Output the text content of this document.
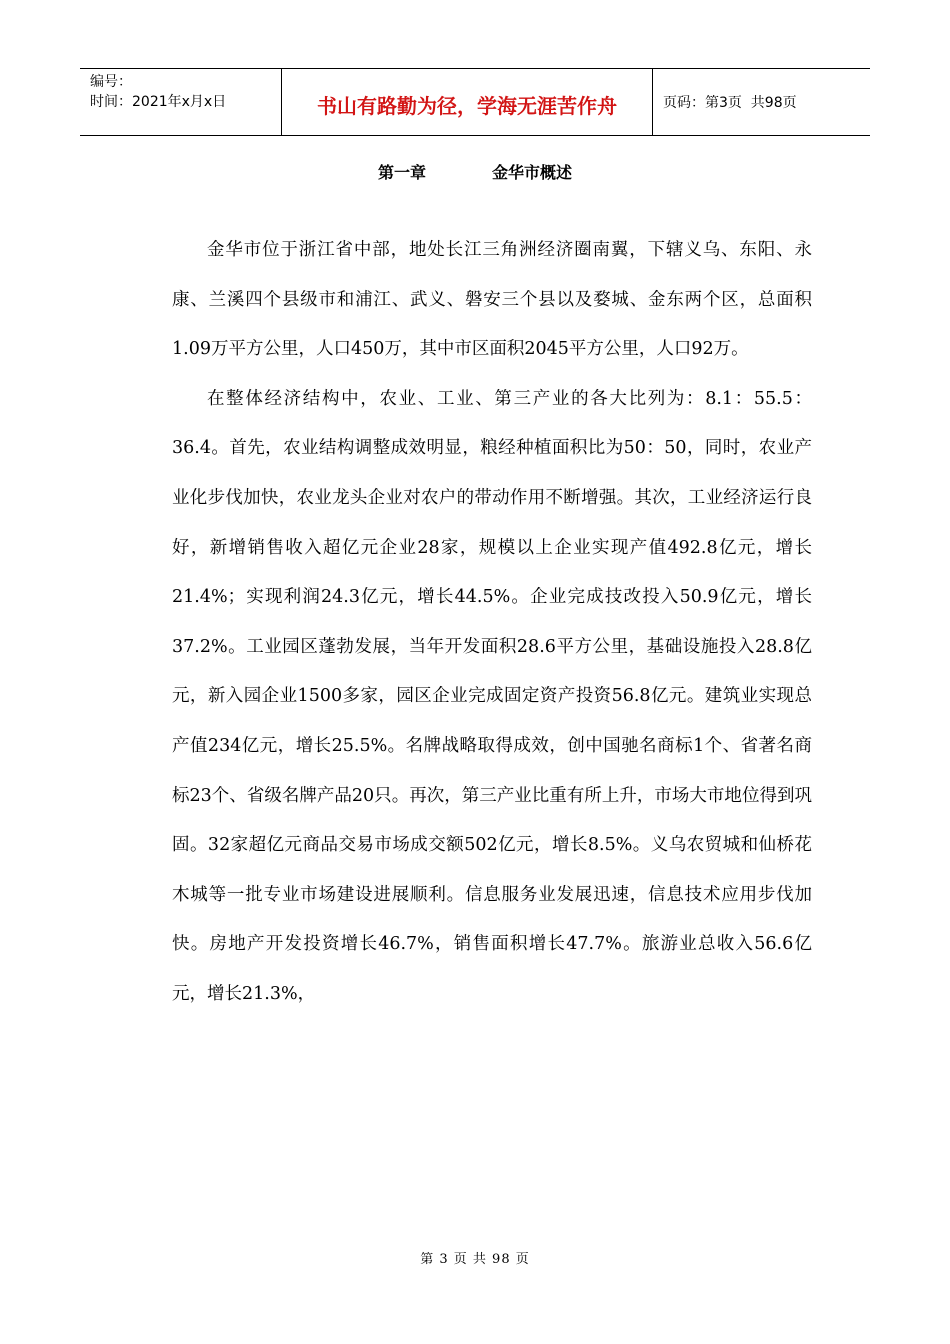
编号：
时间：2021年x月x日	书山有路勤为径，学海无涯苦作舟	页码：第3页  共98页
第一章	金华市概述

金华市位于浙江省中部，地处长江三角洲经济圈南翼，下辖义乌、东阳、永康、兰溪四个县级市和浦江、武义、磐安三个县以及婺城、金东两个区，总面积1.09万平方公里，人口450万，其中市区面积2045平方公里，人口92万。

在整体经济结构中，农业、工业、第三产业的各大比列为：8.1：55.5：36.4。首先，农业结构调整成效明显，粮经种植面积比为50：50，同时，农业产业化步伐加快，农业龙头企业对农户的带动作用不断增强。其次，工业经济运行良好，新增销售收入超亿元企业28家，规模以上企业实现产值492.8亿元，增长21.4%；实现利润24.3亿元，增长44.5%。企业完成技改投入50.9亿元，增长37.2%。工业园区蓬勃发展，当年开发面积28.6平方公里，基础设施投入28.8亿元，新入园企业1500多家，园区企业完成固定资产投资56.8亿元。建筑业实现总产值234亿元，增长25.5%。名牌战略取得成效，创中国驰名商标1个、省著名商标23个、省级名牌产品20只。再次，第三产业比重有所上升，市场大市地位得到巩固。32家超亿元商品交易市场成交额502亿元，增长8.5%。义乌农贸城和仙桥花木城等一批专业市场建设进展顺利。信息服务业发展迅速，信息技术应用步伐加快。房地产开发投资增长46.7%，销售面积增长47.7%。旅游业总收入56.6亿元，增长21.3%，

第 3 页 共 98 页
